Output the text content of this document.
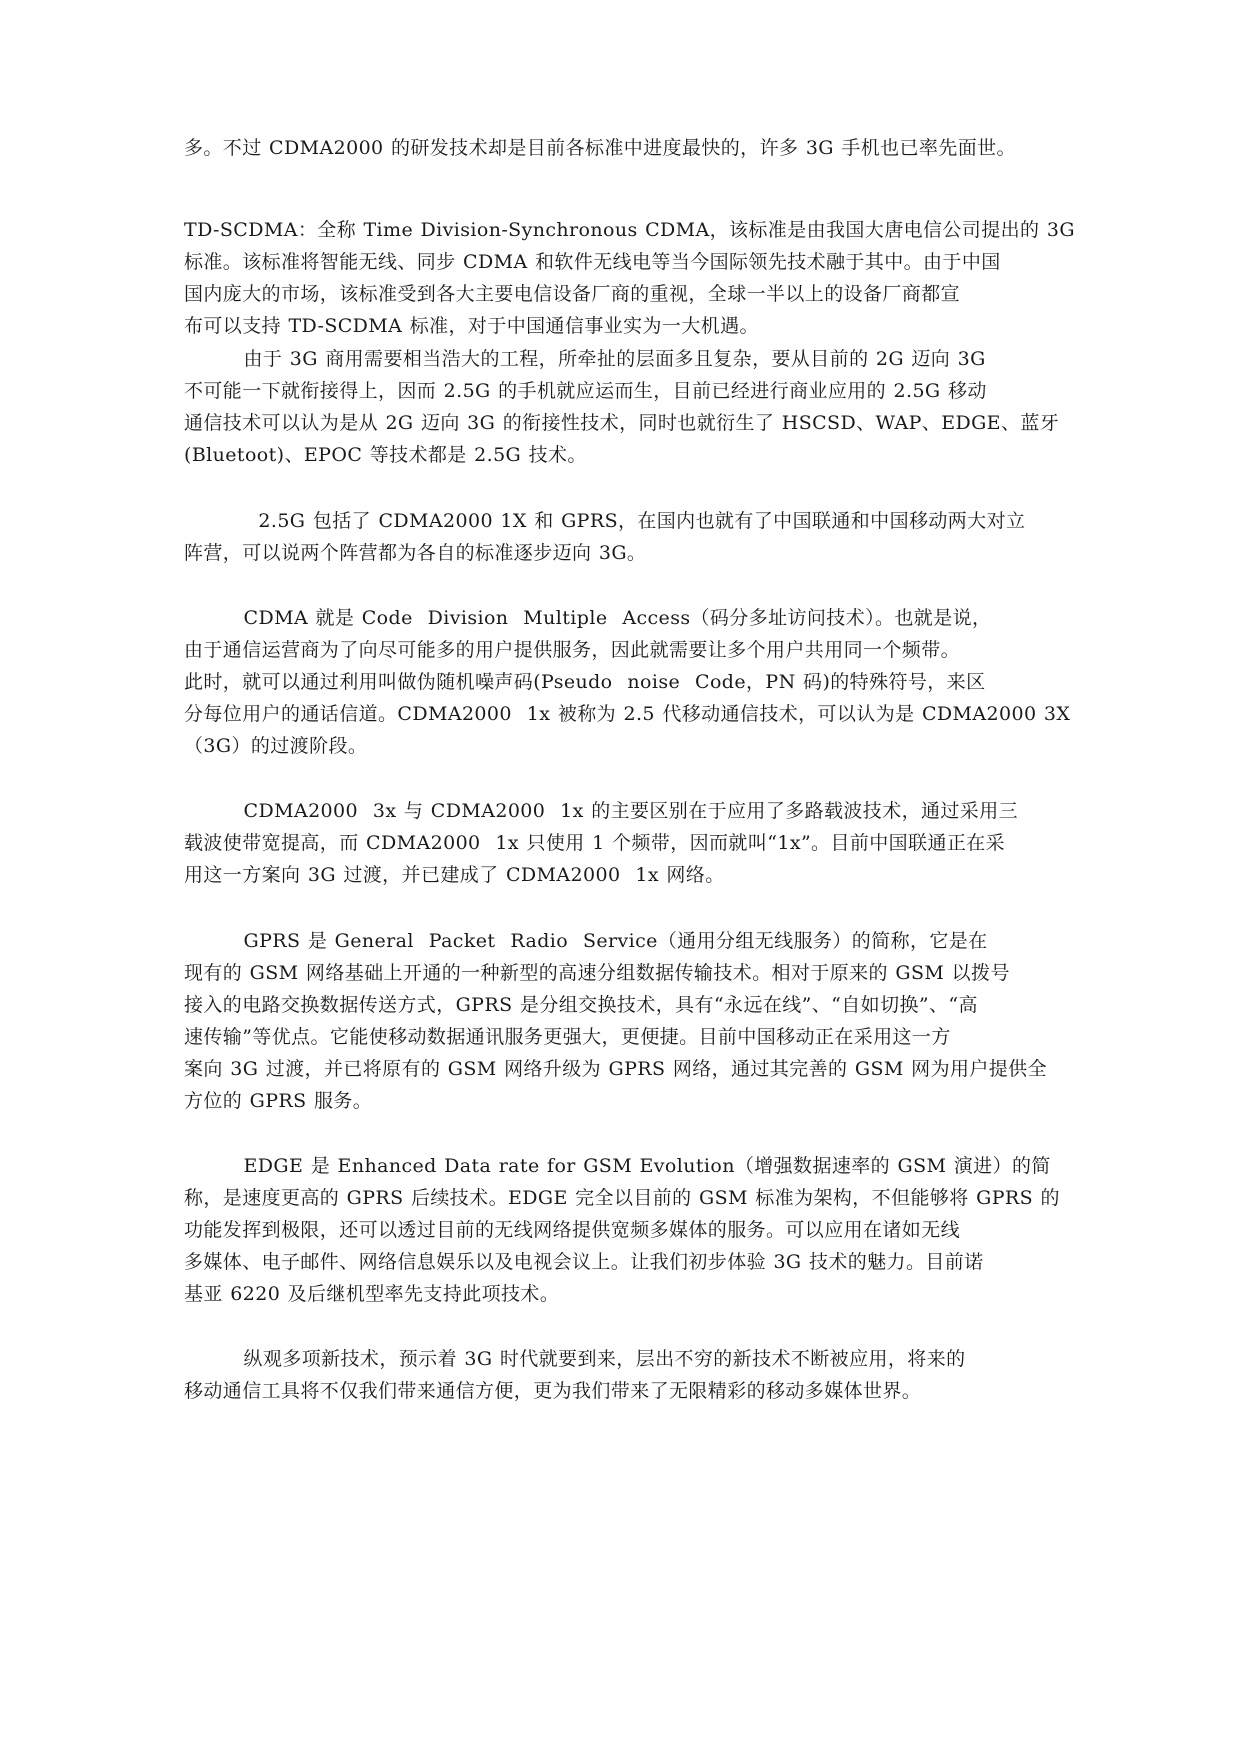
多。不过 CDMA2000 的研发技术却是目前各标准中进度最快的，许多 3G 手机也已率先面世。
TD-SCDMA：全称 Time Division-Synchronous CDMA，该标准是由我国大唐电信公司提出的 3G
标准。该标准将智能无线、同步 CDMA 和软件无线电等当今国际领先技术融于其中。由于中国
国内庞大的市场，该标准受到各大主要电信设备厂商的重视，全球一半以上的设备厂商都宣
布可以支持 TD-SCDMA 标准，对于中国通信事业实为一大机遇。
由于 3G 商用需要相当浩大的工程，所牵扯的层面多且复杂，要从目前的 2G 迈向 3G
不可能一下就衔接得上，因而 2.5G 的手机就应运而生，目前已经进行商业应用的 2.5G 移动
通信技术可以认为是从 2G 迈向 3G 的衔接性技术，同时也就衍生了 HSCSD、WAP、EDGE、蓝牙
(Bluetoot)、EPOC 等技术都是 2.5G 技术。
2.5G 包括了 CDMA2000 1X 和 GPRS，在国内也就有了中国联通和中国移动两大对立
阵营，可以说两个阵营都为各自的标准逐步迈向 3G。
CDMA 就是 Code  Division  Multiple  Access（码分多址访问技术）。也就是说，
由于通信运营商为了向尽可能多的用户提供服务，因此就需要让多个用户共用同一个频带。
此时，就可以通过利用叫做伪随机噪声码(Pseudo  noise  Code，PN 码)的特殊符号，来区
分每位用户的通话信道。CDMA2000  1x 被称为 2.5 代移动通信技术，可以认为是 CDMA2000 3X
（3G）的过渡阶段。
CDMA2000  3x 与 CDMA2000  1x 的主要区别在于应用了多路载波技术，通过采用三
载波使带宽提高，而 CDMA2000  1x 只使用 1 个频带，因而就叫“1x”。目前中国联通正在采
用这一方案向 3G 过渡，并已建成了 CDMA2000  1x 网络。
GPRS 是 General  Packet  Radio  Service（通用分组无线服务）的简称，它是在
现有的 GSM 网络基础上开通的一种新型的高速分组数据传输技术。相对于原来的 GSM 以拨号
接入的电路交换数据传送方式，GPRS 是分组交换技术，具有“永远在线”、“自如切换”、“高
速传输”等优点。它能使移动数据通讯服务更强大，更便捷。目前中国移动正在采用这一方
案向 3G 过渡，并已将原有的 GSM 网络升级为 GPRS 网络，通过其完善的 GSM 网为用户提供全
方位的 GPRS 服务。
EDGE 是 Enhanced Data rate for GSM Evolution（增强数据速率的 GSM 演进）的简
称，是速度更高的 GPRS 后续技术。EDGE 完全以目前的 GSM 标准为架构，不但能够将 GPRS 的
功能发挥到极限，还可以透过目前的无线网络提供宽频多媒体的服务。可以应用在诸如无线
多媒体、电子邮件、网络信息娱乐以及电视会议上。让我们初步体验 3G 技术的魅力。目前诺
基亚 6220 及后继机型率先支持此项技术。
纵观多项新技术，预示着 3G 时代就要到来，层出不穷的新技术不断被应用，将来的
移动通信工具将不仅我们带来通信方便，更为我们带来了无限精彩的移动多媒体世界。
